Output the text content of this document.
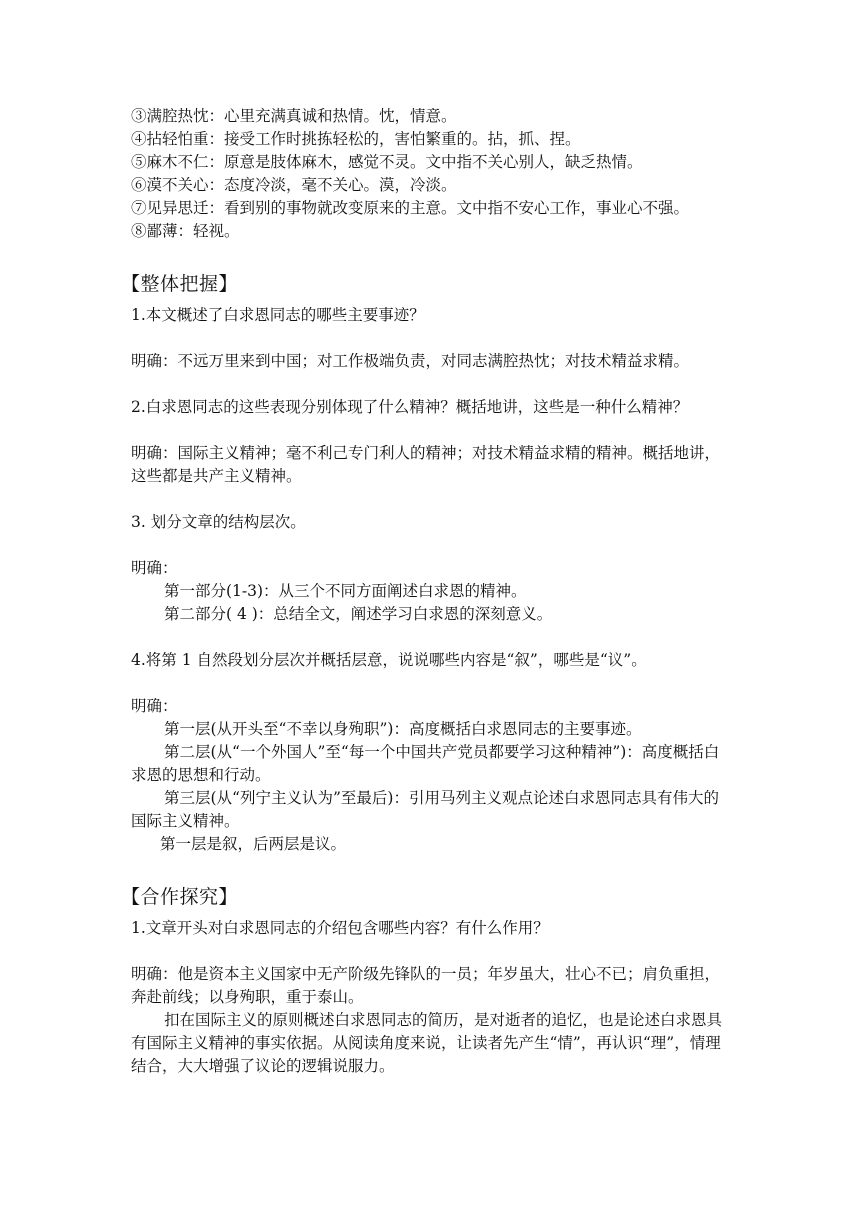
③满腔热忱：心里充满真诚和热情。忱，情意。
④拈轻怕重：接受工作时挑拣轻松的，害怕繁重的。拈，抓、捏。
⑤麻木不仁：原意是肢体麻木，感觉不灵。文中指不关心别人，缺乏热情。
⑥漠不关心：态度冷淡，毫不关心。漠，冷淡。
⑦见异思迁：看到别的事物就改变原来的主意。文中指不安心工作，事业心不强。
⑧鄙薄：轻视。
【整体把握】
1.本文概述了白求恩同志的哪些主要事迹？
明确：不远万里来到中国；对工作极端负责，对同志满腔热忱；对技术精益求精。
2.白求恩同志的这些表现分别体现了什么精神？概括地讲，这些是一种什么精神？
明确：国际主义精神；毫不利己专门利人的精神；对技术精益求精的精神。概括地讲，这些都是共产主义精神。
3. 划分文章的结构层次。
明确：
第一部分(1-3)：从三个不同方面阐述白求恩的精神。
第二部分( 4 )：总结全文，阐述学习白求恩的深刻意义。
4.将第 1 自然段划分层次并概括层意，说说哪些内容是“叙”，哪些是“议”。
明确：
第一层(从开头至“不幸以身殉职”)：高度概括白求恩同志的主要事迹。
第二层(从“一个外国人”至“每一个中国共产党员都要学习这种精神”)：高度概括白求恩的思想和行动。
第三层(从“列宁主义认为”至最后)：引用马列主义观点论述白求恩同志具有伟大的国际主义精神。
第一层是叙，后两层是议。
【合作探究】
1.文章开头对白求恩同志的介绍包含哪些内容？有什么作用？
明确：他是资本主义国家中无产阶级先锋队的一员；年岁虽大，壮心不已；肩负重担，奔赴前线；以身殉职，重于泰山。
扣在国际主义的原则概述白求恩同志的简历，是对逝者的追忆，也是论述白求恩具有国际主义精神的事实依据。从阅读角度来说，让读者先产生“情”，再认识“理”，情理结合，大大增强了议论的逻辑说服力。
